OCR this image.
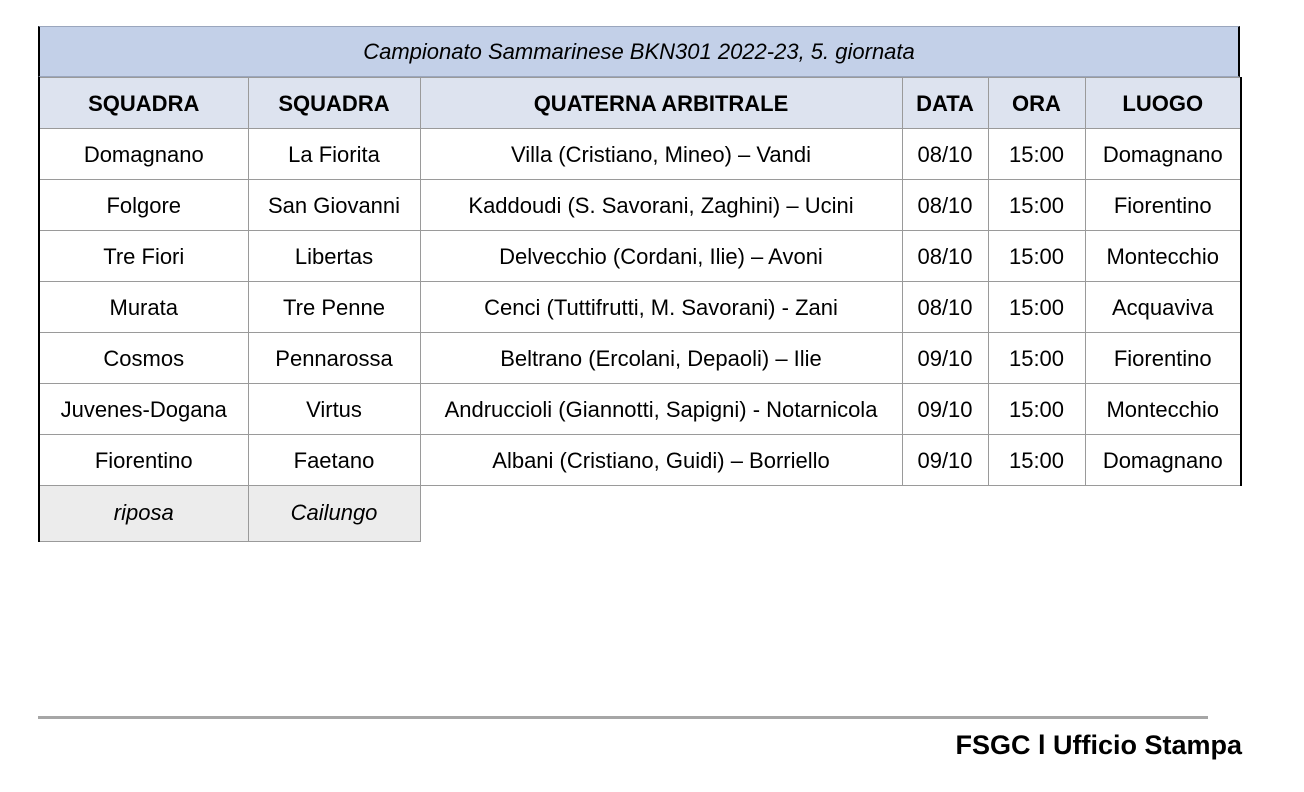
Campionato Sammarinese BKN301 2022-23, 5. giornata
SQUADRA	SQUADRA	QUATERNA ARBITRALE	DATA	ORA	LUOGO

Domagnano	La Fiorita	Villa (Cristiano, Mineo) – Vandi	08/10	15:00	Domagnano

Folgore	San Giovanni	Kaddoudi (S. Savorani, Zaghini) – Ucini	08/10	15:00	Fiorentino

Tre Fiori	Libertas	Delvecchio (Cordani, Ilie) – Avoni	08/10	15:00	Montecchio

Murata	Tre Penne	Cenci (Tuttifrutti, M. Savorani) - Zani	08/10	15:00	Acquaviva

Cosmos	Pennarossa	Beltrano (Ercolani, Depaoli) – Ilie	09/10	15:00	Fiorentino

Juvenes-Dogana	Virtus	Andruccioli (Giannotti, Sapigni) - Notarnicola	09/10	15:00	Montecchio

Fiorentino	Faetano	Albani (Cristiano, Guidi) – Borriello	09/10	15:00	Domagnano

riposa	Cailungo				

FSGC l Ufficio Stampa
